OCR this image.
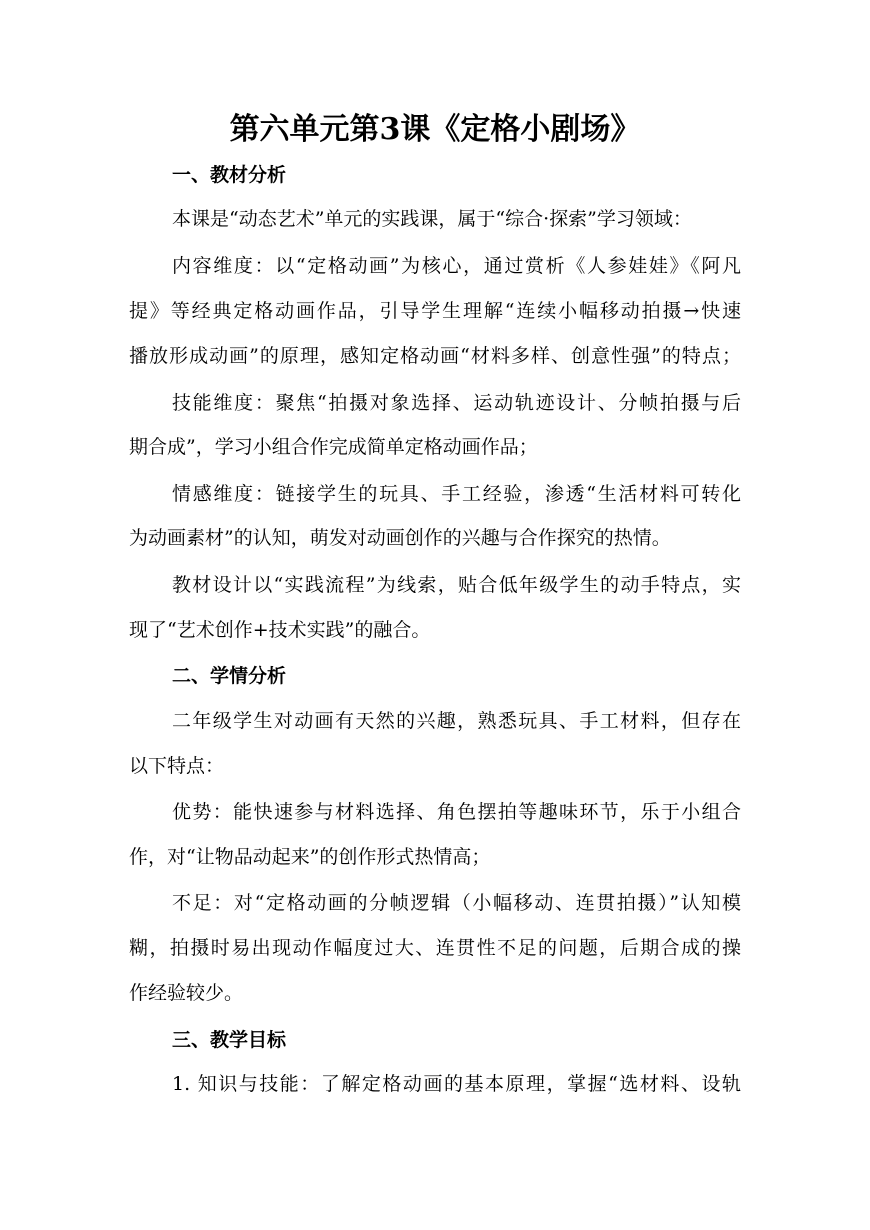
第六单元第3课《定格小剧场》
一、教材分析
本课是“动态艺术”单元的实践课，属于“综合·探索”学习领域：
内容维度：以“定格动画”为核心，通过赏析《人参娃娃》《阿凡
提》等经典定格动画作品，引导学生理解“连续小幅移动拍摄→快速
播放形成动画”的原理，感知定格动画“材料多样、创意性强”的特点；
技能维度：聚焦“拍摄对象选择、运动轨迹设计、分帧拍摄与后
期合成”，学习小组合作完成简单定格动画作品；
情感维度：链接学生的玩具、手工经验，渗透“生活材料可转化
为动画素材”的认知，萌发对动画创作的兴趣与合作探究的热情。
教材设计以“实践流程”为线索，贴合低年级学生的动手特点，实
现了“艺术创作+技术实践”的融合。
二、学情分析
二年级学生对动画有天然的兴趣，熟悉玩具、手工材料，但存在
以下特点：
优势：能快速参与材料选择、角色摆拍等趣味环节，乐于小组合
作，对“让物品动起来”的创作形式热情高；
不足：对“定格动画的分帧逻辑（小幅移动、连贯拍摄）”认知模
糊，拍摄时易出现动作幅度过大、连贯性不足的问题，后期合成的操
作经验较少。
三、教学目标
1. 知识与技能：了解定格动画的基本原理，掌握“选材料、设轨
